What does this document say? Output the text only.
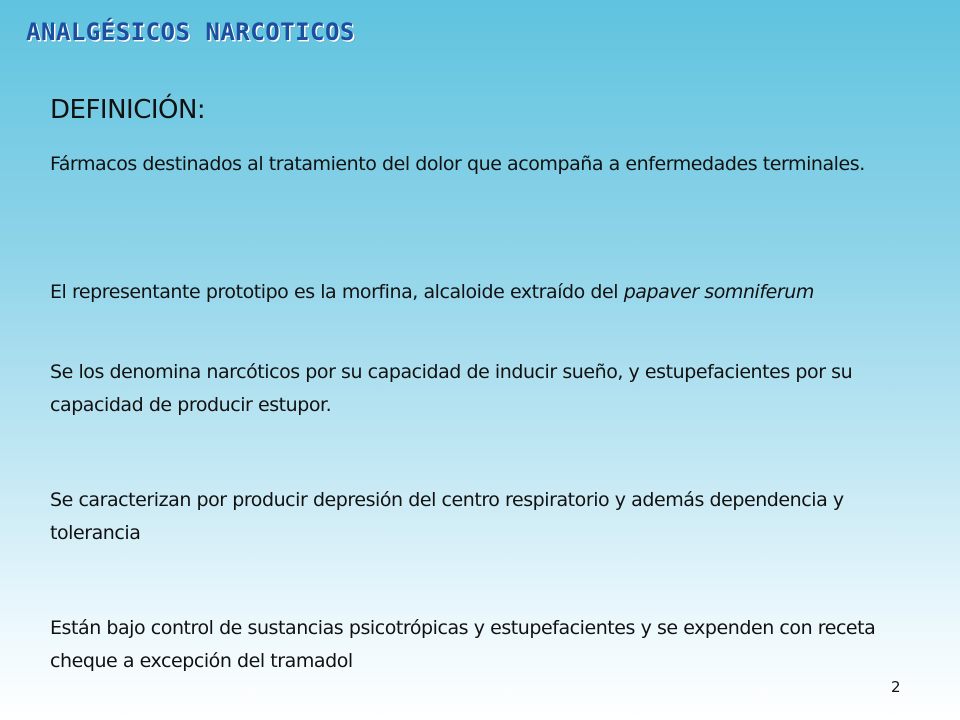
ANALGÉSICOS NARCOTICOS
DEFINICIÓN:

Fármacos destinados al tratamiento del dolor que acompaña a enfermedades terminales.

El representante prototipo es la morfina, alcaloide extraído del papaver somniferum

Se los denomina narcóticos por su capacidad de inducir sueño, y estupefacientes por su capacidad de producir estupor.

Se caracterizan por producir depresión del centro respiratorio y además dependencia y tolerancia

Están bajo control de sustancias psicotrópicas y estupefacientes y se expenden con receta cheque a excepción del tramadol

2
